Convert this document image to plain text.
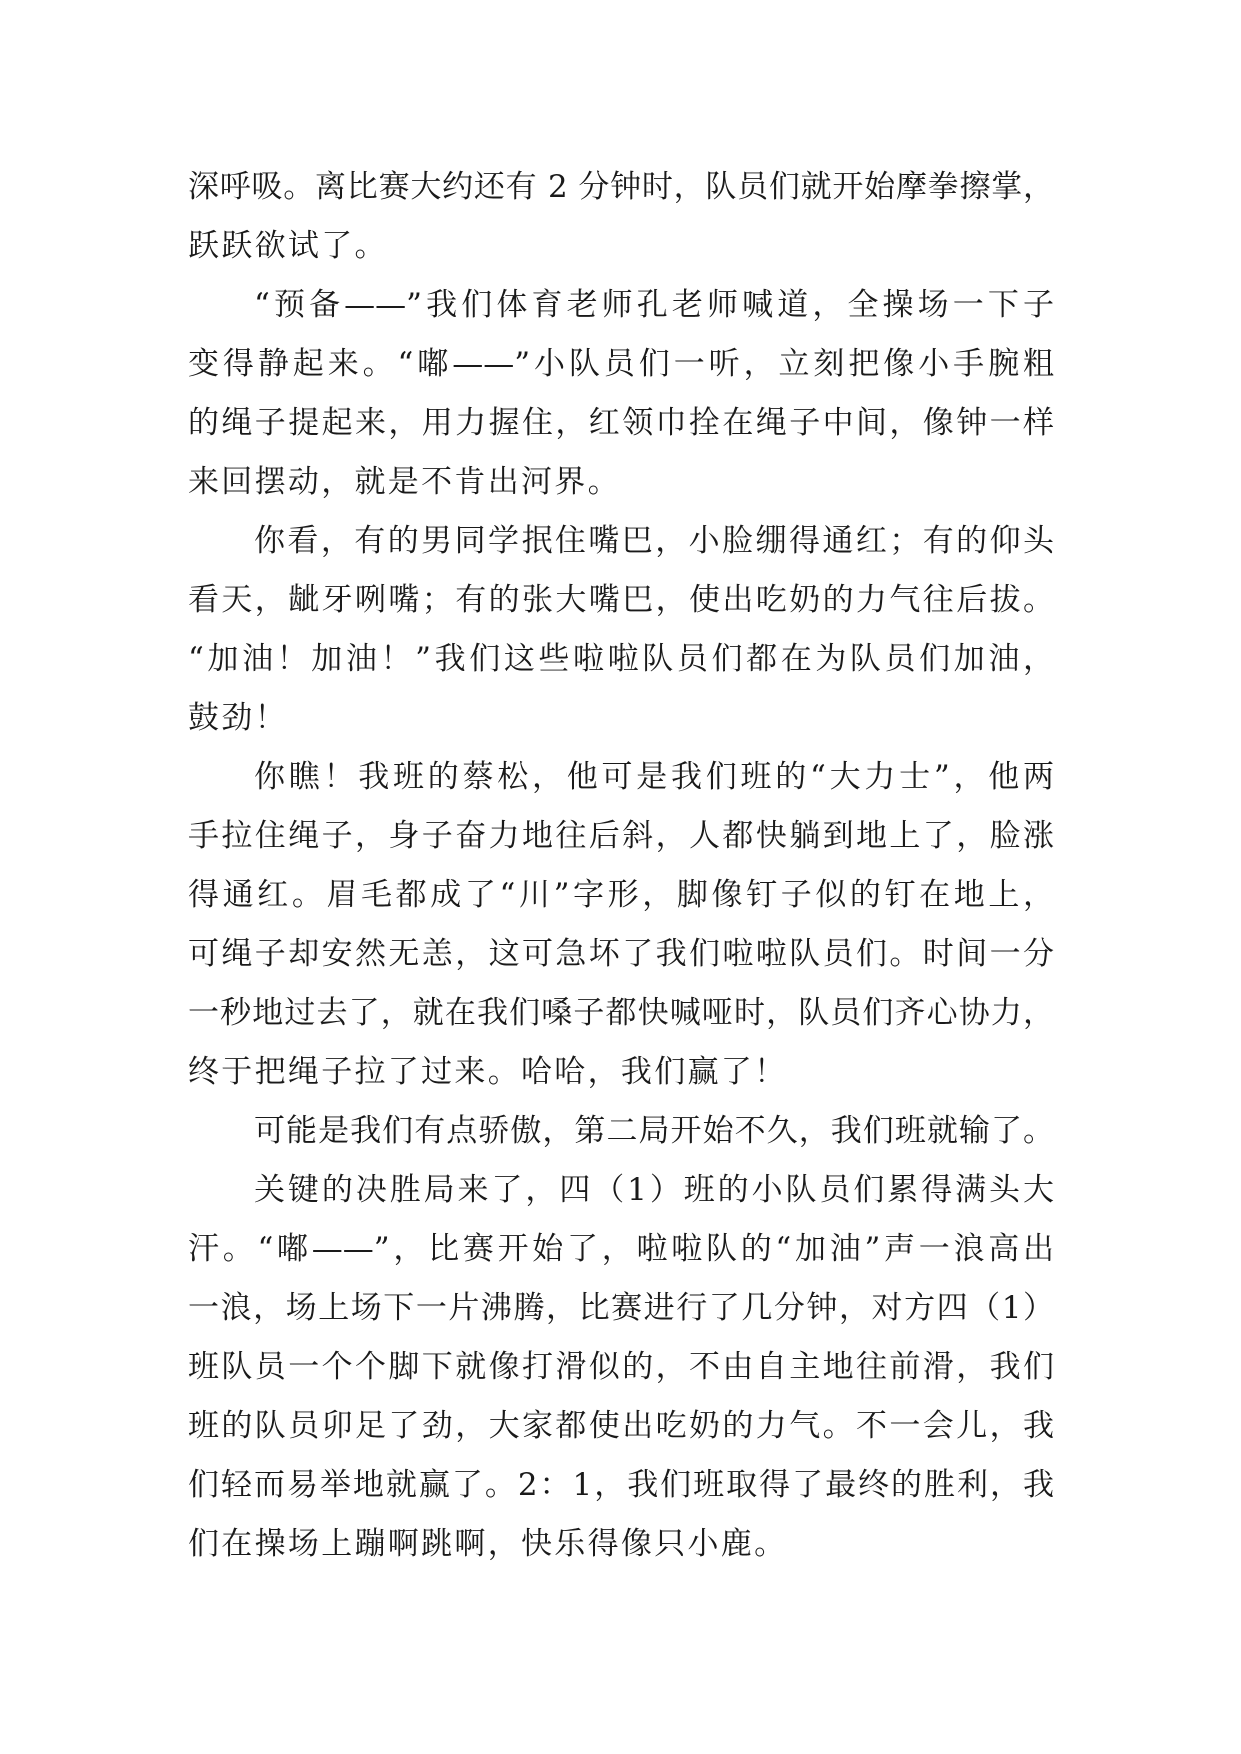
深呼吸。离比赛大约还有 2 分钟时，队员们就开始摩拳擦掌，
跃跃欲试了。
“预备——”我们体育老师孔老师喊道，全操场一下子
变得静起来。“嘟——”小队员们一听，立刻把像小手腕粗
的绳子提起来，用力握住，红领巾拴在绳子中间，像钟一样
来回摆动，就是不肯出河界。
你看，有的男同学抿住嘴巴，小脸绷得通红；有的仰头
看天，龇牙咧嘴；有的张大嘴巴，使出吃奶的力气往后拔。
“加油！加油！”我们这些啦啦队员们都在为队员们加油，
鼓劲！
你瞧！我班的蔡松，他可是我们班的“大力士”，他两
手拉住绳子，身子奋力地往后斜，人都快躺到地上了，脸涨
得通红。眉毛都成了“川”字形，脚像钉子似的钉在地上，
可绳子却安然无恙，这可急坏了我们啦啦队员们。时间一分
一秒地过去了，就在我们嗓子都快喊哑时，队员们齐心协力，
终于把绳子拉了过来。哈哈，我们赢了！
可能是我们有点骄傲，第二局开始不久，我们班就输了。
关键的决胜局来了，四（1）班的小队员们累得满头大
汗。“嘟——”，比赛开始了，啦啦队的“加油”声一浪高出
一浪，场上场下一片沸腾，比赛进行了几分钟，对方四（1）
班队员一个个脚下就像打滑似的，不由自主地往前滑，我们
班的队员卯足了劲，大家都使出吃奶的力气。不一会儿，我
们轻而易举地就赢了。2：1，我们班取得了最终的胜利，我
们在操场上蹦啊跳啊，快乐得像只小鹿。
